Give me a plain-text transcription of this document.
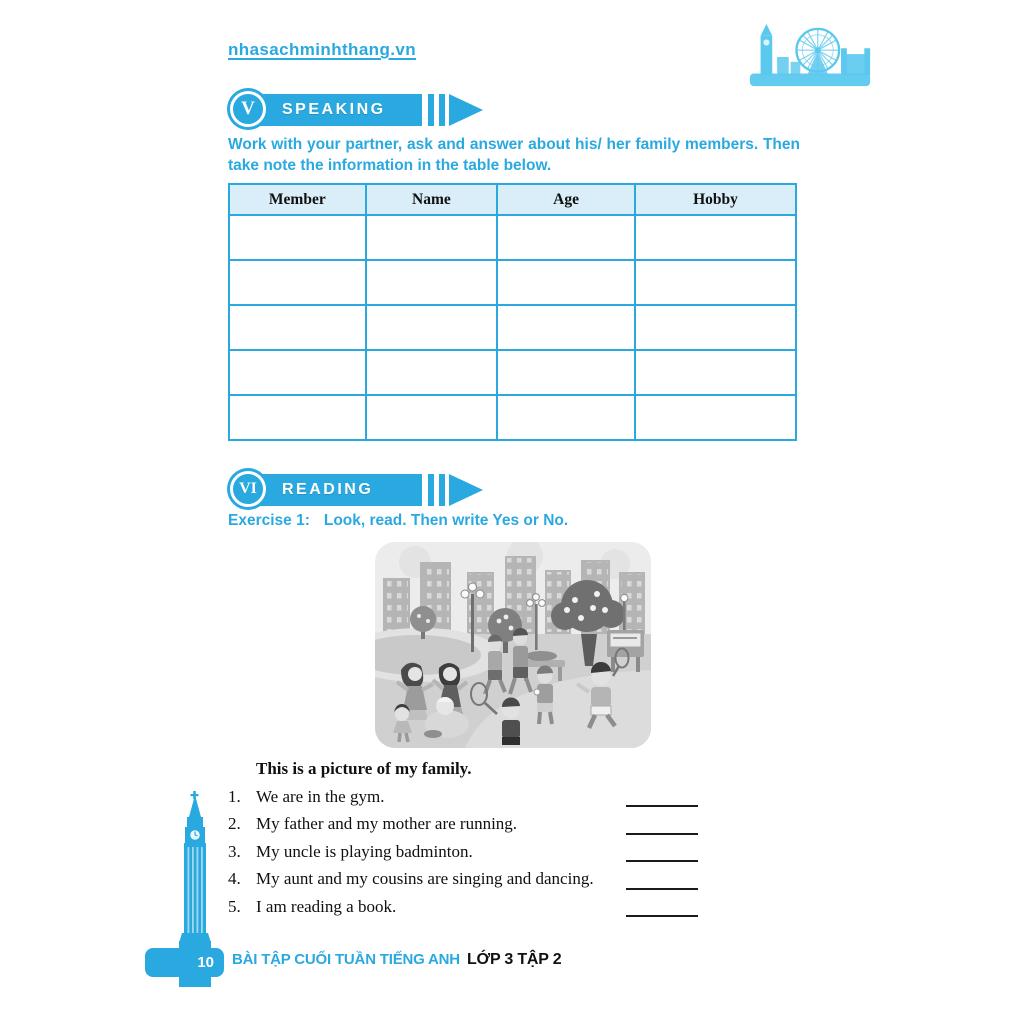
nhasachminhthang.vn
V	SPEAKING

Work with your partner, ask and answer about his/ her family members. Then take note the information in the table below.

Member	Name	Age	Hobby

VI	READING

Exercise 1: Look, read. Then write Yes or No.

This is a picture of my family.

1. We are in the gym.
2. My father and my mother are running.
3. My uncle is playing badminton.
4. My aunt and my cousins are singing and dancing.
5. I am reading a book.
10	BÀI TẬP CUỐI TUẦN TIẾNG ANH LỚP 3 TẬP 2
